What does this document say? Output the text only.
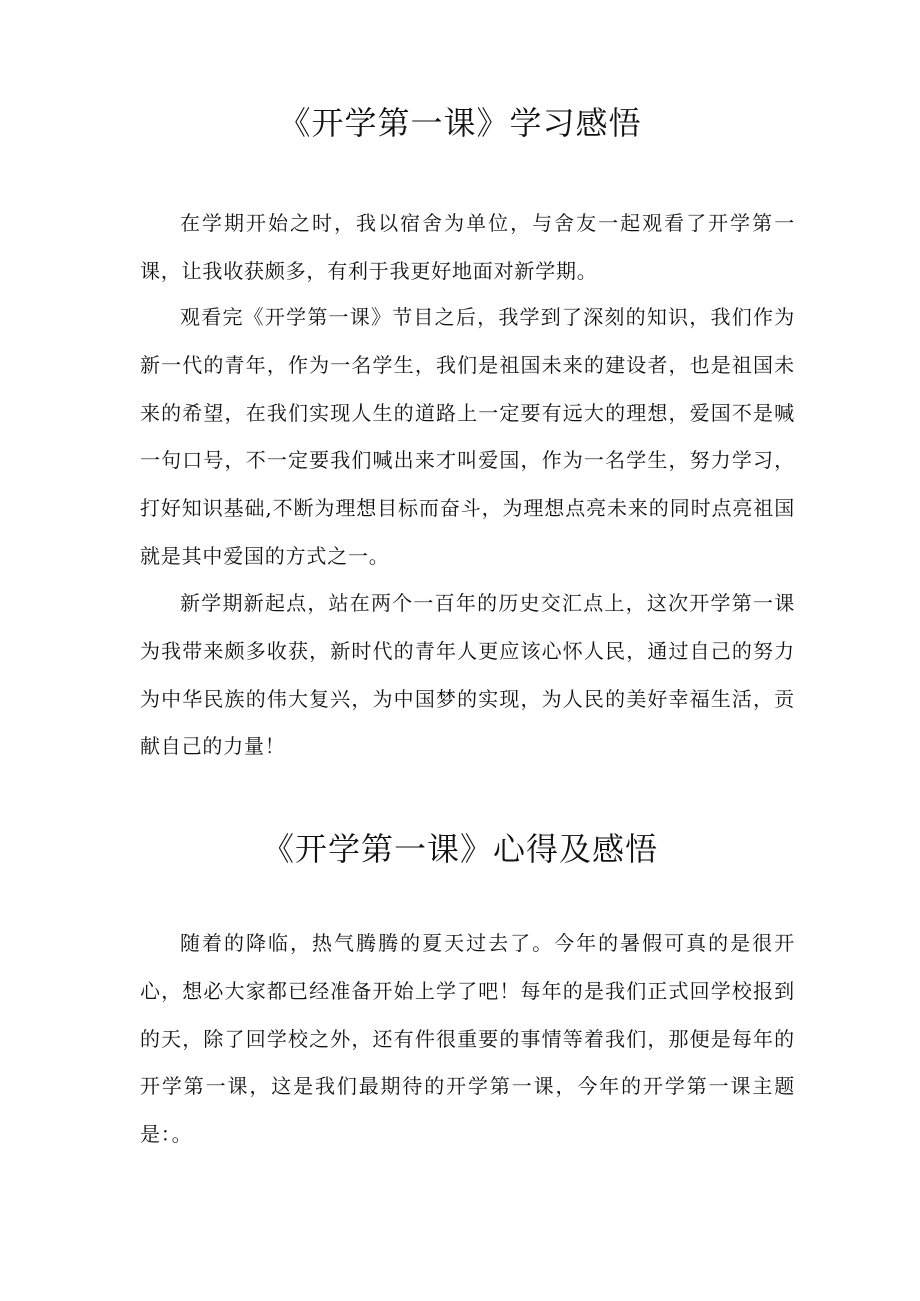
《开学第一课》学习感悟

在学期开始之时，我以宿舍为单位，与舍友一起观看了开学第一课，让我收获颇多，有利于我更好地面对新学期。

观看完《开学第一课》节目之后，我学到了深刻的知识，我们作为新一代的青年，作为一名学生，我们是祖国未来的建设者，也是祖国未来的希望，在我们实现人生的道路上一定要有远大的理想，爱国不是喊一句口号，不一定要我们喊出来才叫爱国，作为一名学生，努力学习，打好知识基础,不断为理想目标而奋斗，为理想点亮未来的同时点亮祖国就是其中爱国的方式之一。

新学期新起点，站在两个一百年的历史交汇点上，这次开学第一课为我带来颇多收获，新时代的青年人更应该心怀人民，通过自己的努力为中华民族的伟大复兴，为中国梦的实现，为人民的美好幸福生活，贡献自己的力量！

《开学第一课》心得及感悟

随着的降临，热气腾腾的夏天过去了。今年的暑假可真的是很开心，想必大家都已经准备开始上学了吧！每年的是我们正式回学校报到的天，除了回学校之外，还有件很重要的事情等着我们，那便是每年的开学第一课，这是我们最期待的开学第一课，今年的开学第一课主题是：。
